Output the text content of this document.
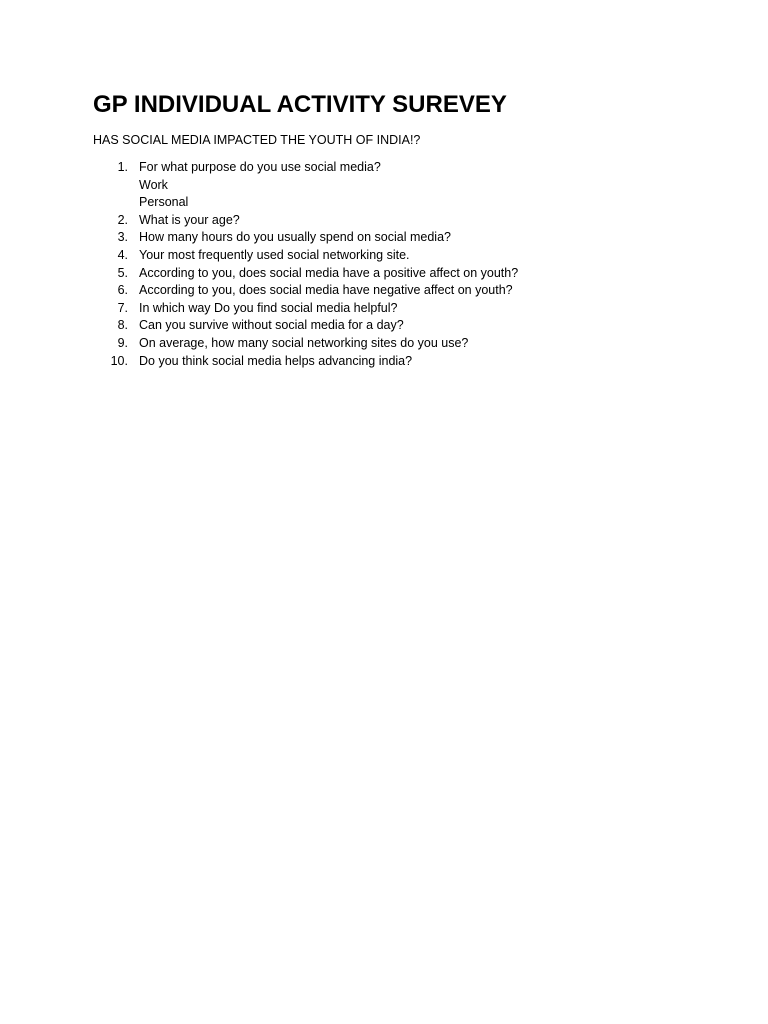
GP INDIVIDUAL ACTIVITY SUREVEY

HAS SOCIAL MEDIA IMPACTED THE YOUTH OF INDIA!?

1. For what purpose do you use social media?
Work
Personal
2. What is your age?
3. How many hours do you usually spend on social media?
4. Your most frequently used social networking site.
5. According to you, does social media have a positive affect on youth?
6. According to you, does social media have negative affect on youth?
7. In which way Do you find social media helpful?
8. Can you survive without social media for a day?
9. On average, how many social networking sites do you use?
10. Do you think social media helps advancing india?
